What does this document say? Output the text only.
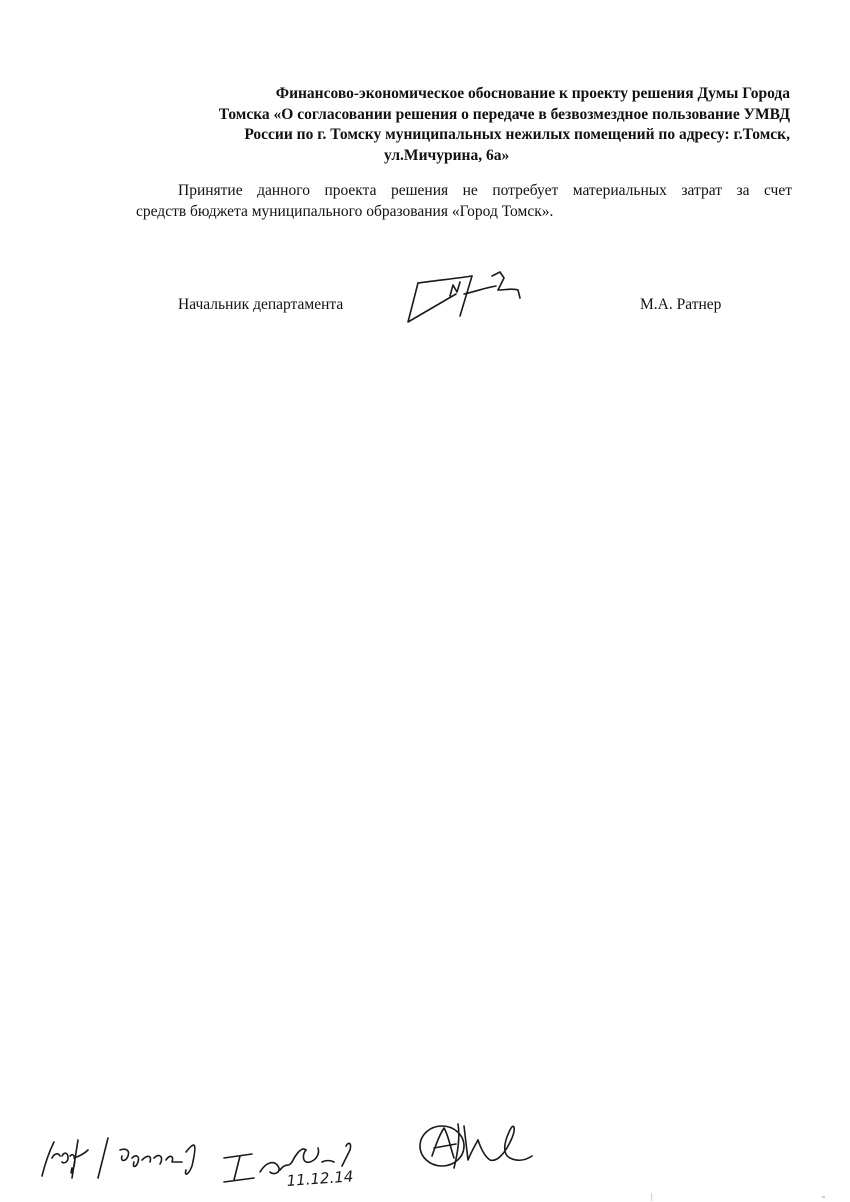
Финансово-экономическое обоснование к проекту решения Думы Города
Томска «О согласовании решения о передаче в безвозмездное пользование УМВД
России по г. Томску муниципальных нежилых помещений по адресу: г.Томск,
ул.Мичурина, 6а»
Принятие данного проекта решения не потребует материальных затрат за счет
средств бюджета муниципального образования «Город Томск».
Начальник департамента	М.А. Ратнер
11.12.14
